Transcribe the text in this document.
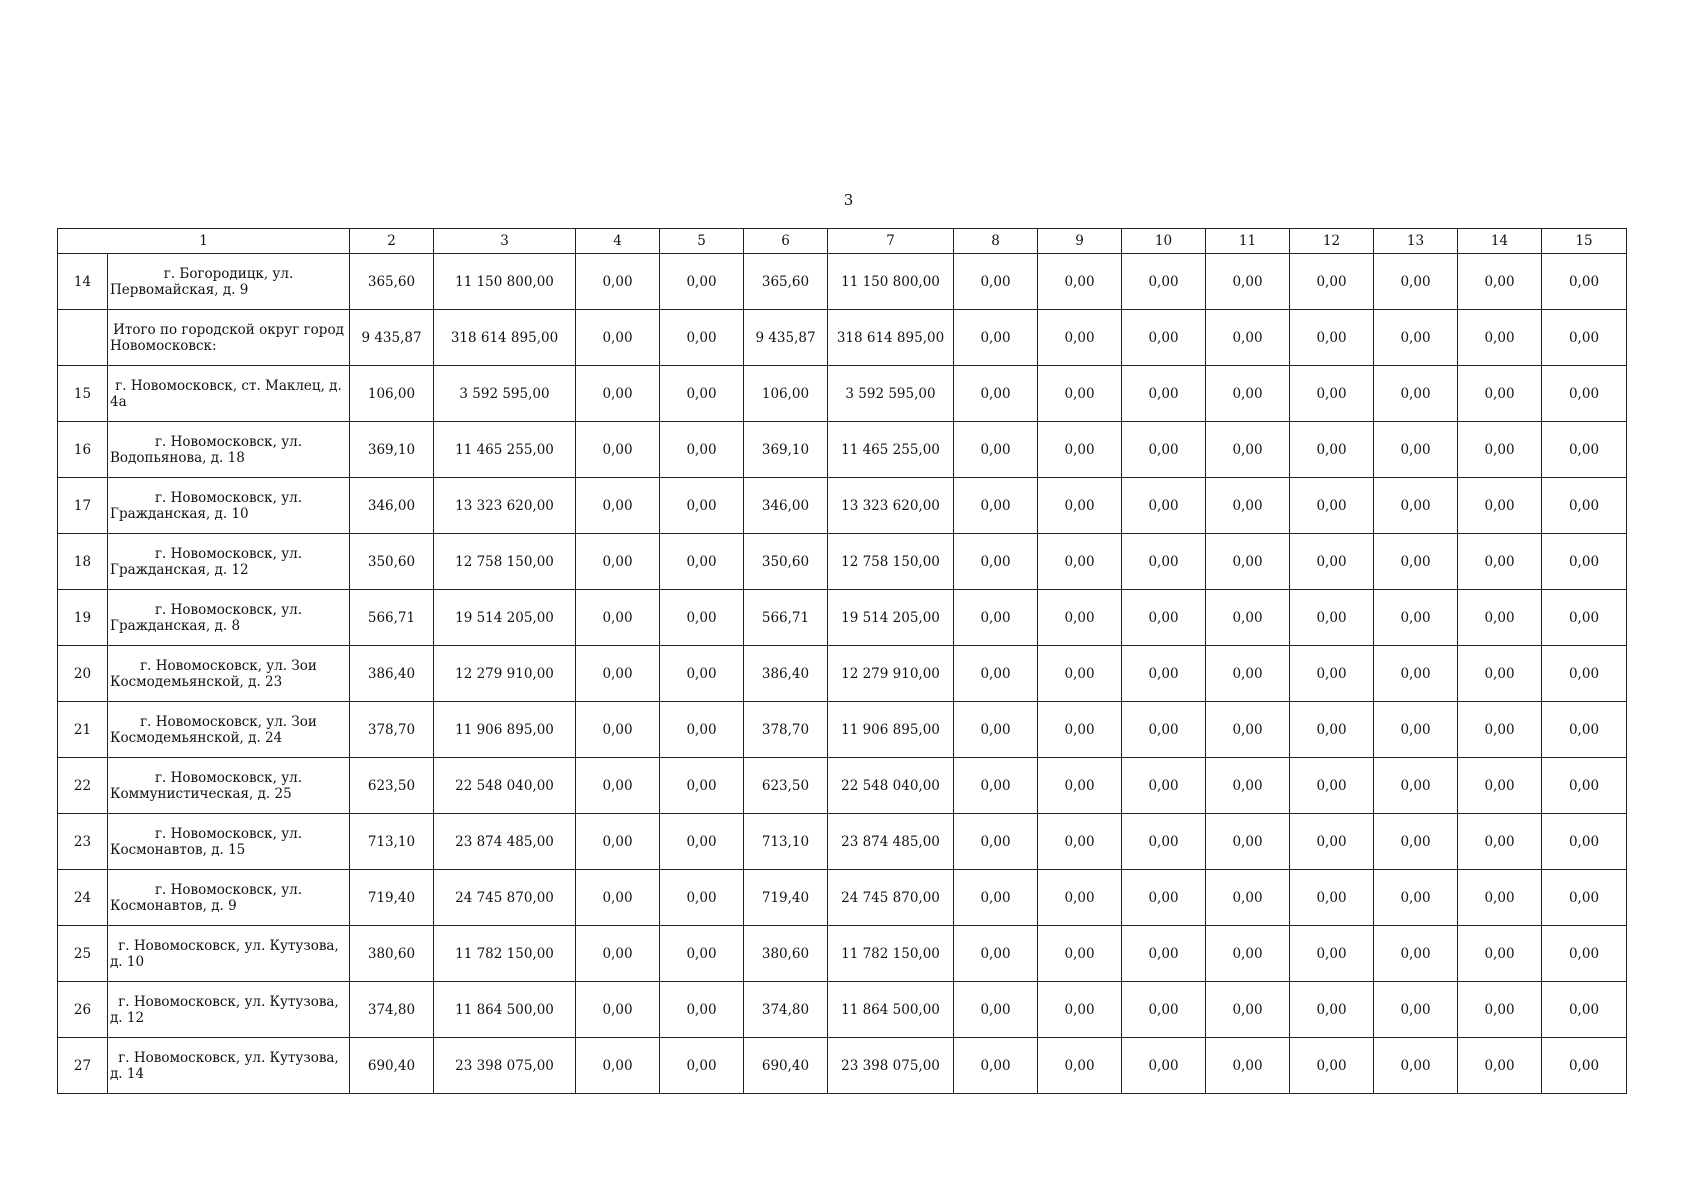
3
1		2	3	4	5	6	7	8	9	10	11	12	13	14	15
14	г. Богородицк, ул. Первомайская, д. 9	365,60	11 150 800,00	0,00	0,00	365,60	11 150 800,00	0,00	0,00	0,00	0,00	0,00	0,00	0,00	0,00
	Итого по городской округ город Новомосковск:	9 435,87	318 614 895,00	0,00	0,00	9 435,87	318 614 895,00	0,00	0,00	0,00	0,00	0,00	0,00	0,00	0,00
15	г. Новомосковск, ст. Маклец, д. 4а	106,00	3 592 595,00	0,00	0,00	106,00	3 592 595,00	0,00	0,00	0,00	0,00	0,00	0,00	0,00	0,00
16	г. Новомосковск, ул. Водопьянова, д. 18	369,10	11 465 255,00	0,00	0,00	369,10	11 465 255,00	0,00	0,00	0,00	0,00	0,00	0,00	0,00	0,00
17	г. Новомосковск, ул. Гражданская, д. 10	346,00	13 323 620,00	0,00	0,00	346,00	13 323 620,00	0,00	0,00	0,00	0,00	0,00	0,00	0,00	0,00
18	г. Новомосковск, ул. Гражданская, д. 12	350,60	12 758 150,00	0,00	0,00	350,60	12 758 150,00	0,00	0,00	0,00	0,00	0,00	0,00	0,00	0,00
19	г. Новомосковск, ул. Гражданская, д. 8	566,71	19 514 205,00	0,00	0,00	566,71	19 514 205,00	0,00	0,00	0,00	0,00	0,00	0,00	0,00	0,00
20	г. Новомосковск, ул. Зои Космодемьянской, д. 23	386,40	12 279 910,00	0,00	0,00	386,40	12 279 910,00	0,00	0,00	0,00	0,00	0,00	0,00	0,00	0,00
21	г. Новомосковск, ул. Зои Космодемьянской, д. 24	378,70	11 906 895,00	0,00	0,00	378,70	11 906 895,00	0,00	0,00	0,00	0,00	0,00	0,00	0,00	0,00
22	г. Новомосковск, ул. Коммунистическая, д. 25	623,50	22 548 040,00	0,00	0,00	623,50	22 548 040,00	0,00	0,00	0,00	0,00	0,00	0,00	0,00	0,00
23	г. Новомосковск, ул. Космонавтов, д. 15	713,10	23 874 485,00	0,00	0,00	713,10	23 874 485,00	0,00	0,00	0,00	0,00	0,00	0,00	0,00	0,00
24	г. Новомосковск, ул. Космонавтов, д. 9	719,40	24 745 870,00	0,00	0,00	719,40	24 745 870,00	0,00	0,00	0,00	0,00	0,00	0,00	0,00	0,00
25	г. Новомосковск, ул. Кутузова, д. 10	380,60	11 782 150,00	0,00	0,00	380,60	11 782 150,00	0,00	0,00	0,00	0,00	0,00	0,00	0,00	0,00
26	г. Новомосковск, ул. Кутузова, д. 12	374,80	11 864 500,00	0,00	0,00	374,80	11 864 500,00	0,00	0,00	0,00	0,00	0,00	0,00	0,00	0,00
27	г. Новомосковск, ул. Кутузова, д. 14	690,40	23 398 075,00	0,00	0,00	690,40	23 398 075,00	0,00	0,00	0,00	0,00	0,00	0,00	0,00	0,00
